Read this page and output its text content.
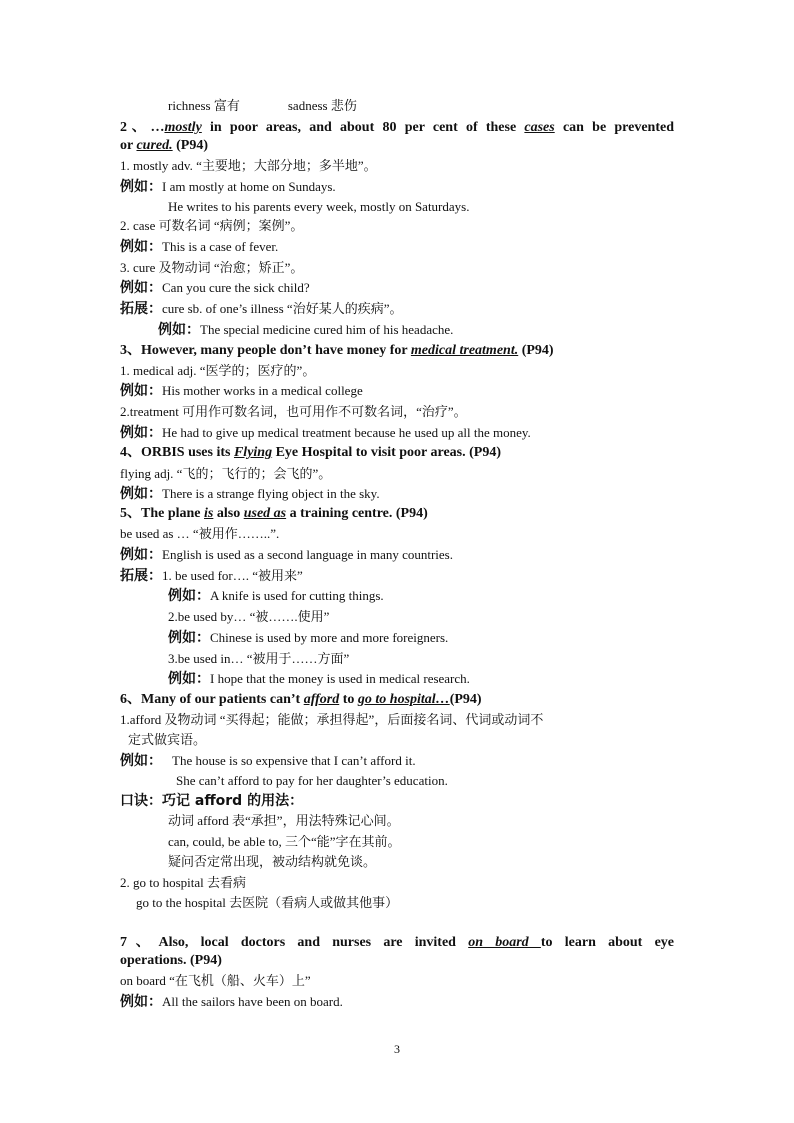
richness 富有	sadness 悲伤
2、…mostly in poor areas, and about 80 per cent of these cases can be prevented
or cured. (P94)
1. mostly adv. “主要地；大部分地；多半地”。
例如：I am mostly at home on Sundays.
He writes to his parents every week, mostly on Saturdays.
2. case 可数名词 “病例；案例”。
例如：This is a case of fever.
3. cure 及物动词 “治愈；矫正”。
例如：Can you cure the sick child?
拓展：cure sb. of one’s illness “治好某人的疾病”。
例如：The special medicine cured him of his headache.
3、However, many people don’t have money for medical treatment. (P94)
1. medical adj. “医学的；医疗的”。
例如：His mother works in a medical college
2.treatment 可用作可数名词，也可用作不可数名词，“治疗”。
例如：He had to give up medical treatment because he used up all the money.
4、ORBIS uses its Flying Eye Hospital to visit poor areas. (P94)
flying adj. “飞的；飞行的；会飞的”。
例如：There is a strange flying object in the sky.
5、The plane is also used as a training centre. (P94)
be used as … “被用作……..”.
例如：English is used as a second language in many countries.
拓展：1. be used for…. “被用来”
例如：A knife is used for cutting things.
2.be used by… “被…….使用”
例如：Chinese is used by more and more foreigners.
3.be used in… “被用于……方面”
例如：I hope that the money is used in medical research.
6、Many of our patients can’t afford to go to hospital…(P94)
1.afford 及物动词 “买得起；能做；承担得起”，后面接名词、代词或动词不
定式做宾语。
例如： The house is so expensive that I can’t afford it.
She can’t afford to pay for her daughter’s education.
口诀：巧记 afford 的用法：
动词 afford 表“承担”，用法特殊记心间。
can, could, be able to, 三个“能”字在其前。
疑问否定常出现，被动结构就免谈。
2. go to hospital 去看病
go to the hospital 去医院（看病人或做其他事）
7、Also, local doctors and nurses are invited on board to learn about eye
operations. (P94)
on board “在飞机（船、火车）上”
例如：All the sailors have been on board.
3
